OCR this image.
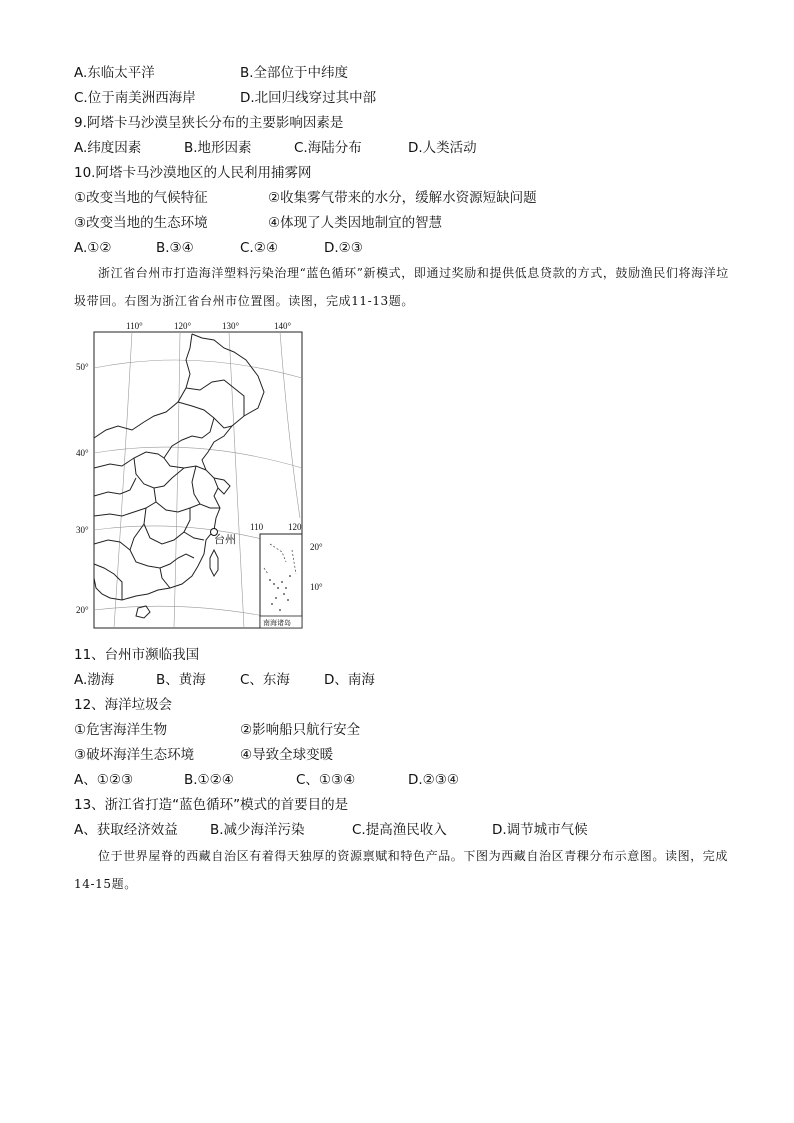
A.东临太平洋	B.全部位于中纬度
C.位于南美洲西海岸	D.北回归线穿过其中部
9.阿塔卡马沙漠呈狭长分布的主要影响因素是
A.纬度因素	B.地形因素	C.海陆分布	D.人类活动
10.阿塔卡马沙漠地区的人民利用捕雾网
①改变当地的气候特征	②收集雾气带来的水分，缓解水资源短缺问题
③改变当地的生态环境	④体现了人类因地制宜的智慧
A.①②	B.③④	C.②④	D.②③
浙江省台州市打造海洋塑料污染治理“蓝色循环”新模式，即通过奖励和提供低息贷款的方式，鼓励渔民们将海洋垃圾带回。右图为浙江省台州市位置图。读图，完成11-13题。
110°	120°	130°	140°
50°
40°
30°
20°
台州
110	120
20°
10°
南海诸岛
11、台州市濒临我国
A.渤海	B、黄海	C、东海	D、南海
12、海洋垃圾会
①危害海洋生物	②影响船只航行安全
③破坏海洋生态环境	④导致全球变暖
A、①②③	B.①②④	C、①③④	D.②③④
13、浙江省打造“蓝色循环”模式的首要目的是
A、获取经济效益 B.减少海洋污染	C.提高渔民收入	D.调节城市气候
位于世界屋脊的西藏自治区有着得天独厚的资源禀赋和特色产品。下图为西藏自治区青稞分布示意图。读图，完成14-15题。
